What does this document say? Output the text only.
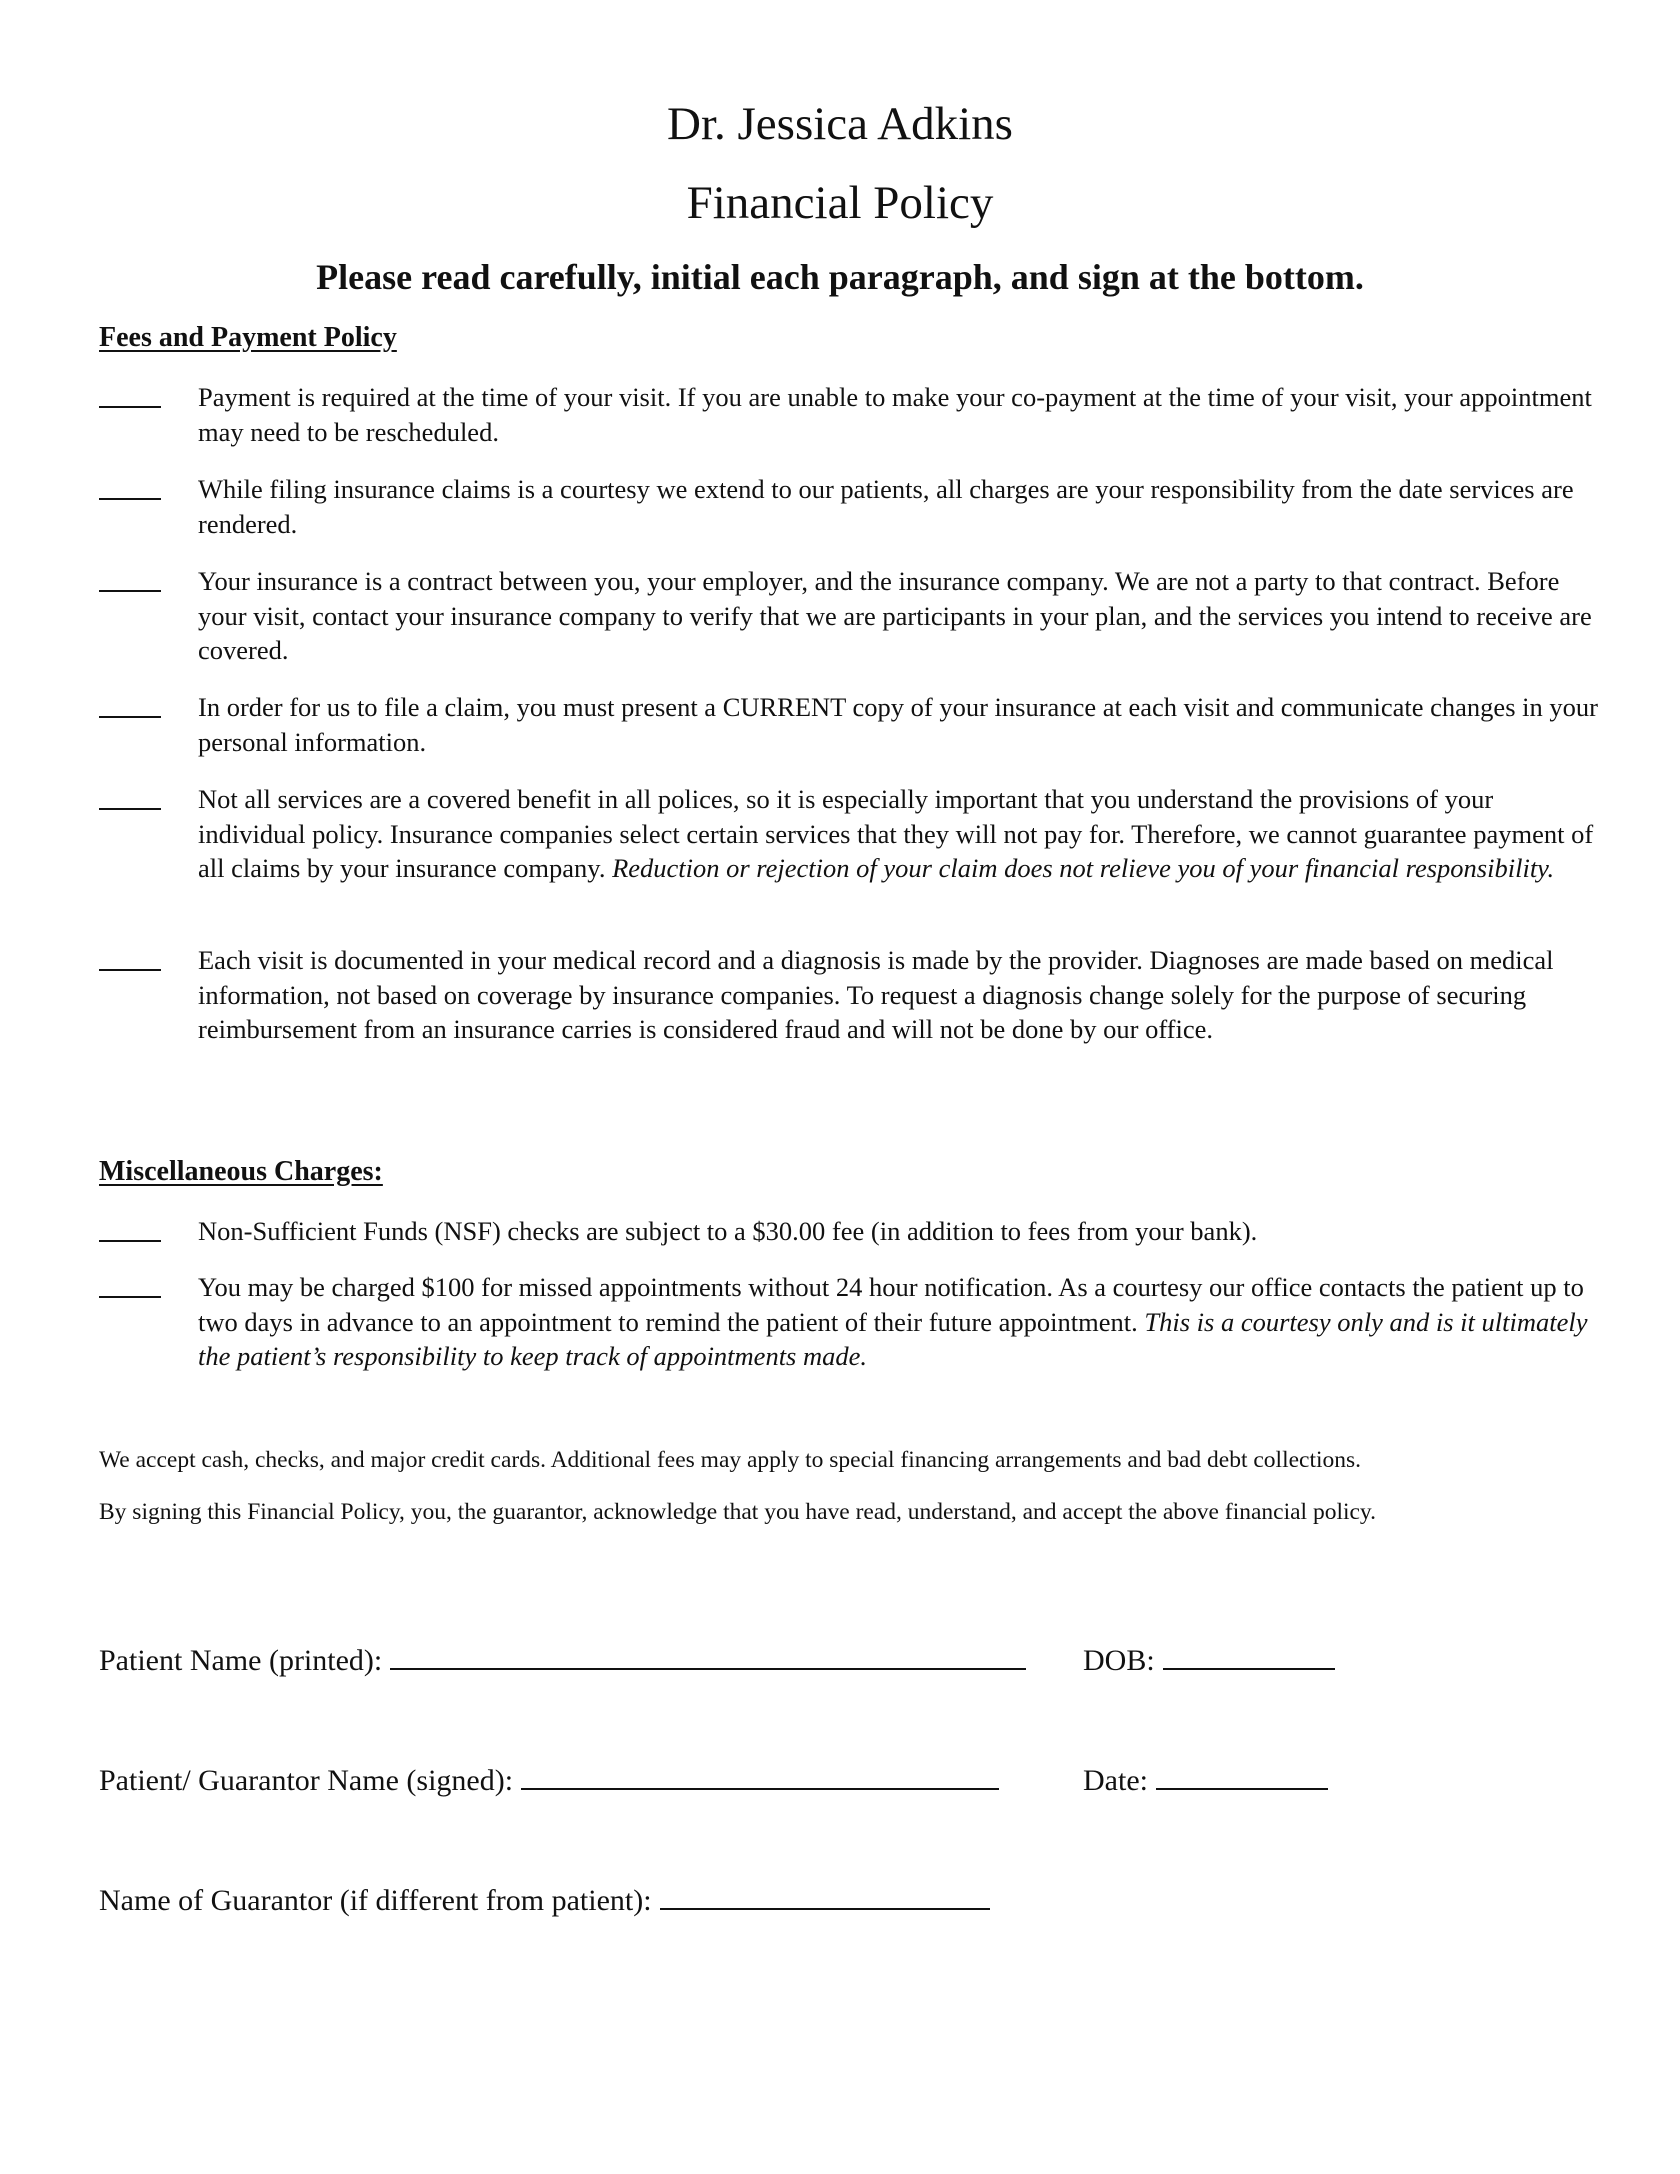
Dr. Jessica Adkins
Financial Policy
Please read carefully, initial each paragraph, and sign at the bottom.
Fees and Payment Policy
Payment is required at the time of your visit. If you are unable to make your co-payment at the time of your visit, your appointment may need to be rescheduled.
While filing insurance claims is a courtesy we extend to our patients, all charges are your responsibility from the date services are rendered.
Your insurance is a contract between you, your employer, and the insurance company. We are not a party to that contract. Before your visit, contact your insurance company to verify that we are participants in your plan, and the services you intend to receive are covered.
In order for us to file a claim, you must present a CURRENT copy of your insurance at each visit and communicate changes in your personal information.
Not all services are a covered benefit in all polices, so it is especially important that you understand the provisions of your individual policy. Insurance companies select certain services that they will not pay for. Therefore, we cannot guarantee payment of all claims by your insurance company. Reduction or rejection of your claim does not relieve you of your financial responsibility.
Each visit is documented in your medical record and a diagnosis is made by the provider. Diagnoses are made based on medical information, not based on coverage by insurance companies. To request a diagnosis change solely for the purpose of securing reimbursement from an insurance carries is considered fraud and will not be done by our office.
Miscellaneous Charges:
Non-Sufficient Funds (NSF) checks are subject to a $30.00 fee (in addition to fees from your bank).
You may be charged $100 for missed appointments without 24 hour notification. As a courtesy our office contacts the patient up to two days in advance to an appointment to remind the patient of their future appointment. This is a courtesy only and is it ultimately the patient’s responsibility to keep track of appointments made.
We accept cash, checks, and major credit cards. Additional fees may apply to special financing arrangements and bad debt collections.
By signing this Financial Policy, you, the guarantor, acknowledge that you have read, understand, and accept the above financial policy.
Patient Name (printed):	DOB:
Patient/ Guarantor Name (signed):	Date:
Name of Guarantor (if different from patient):
